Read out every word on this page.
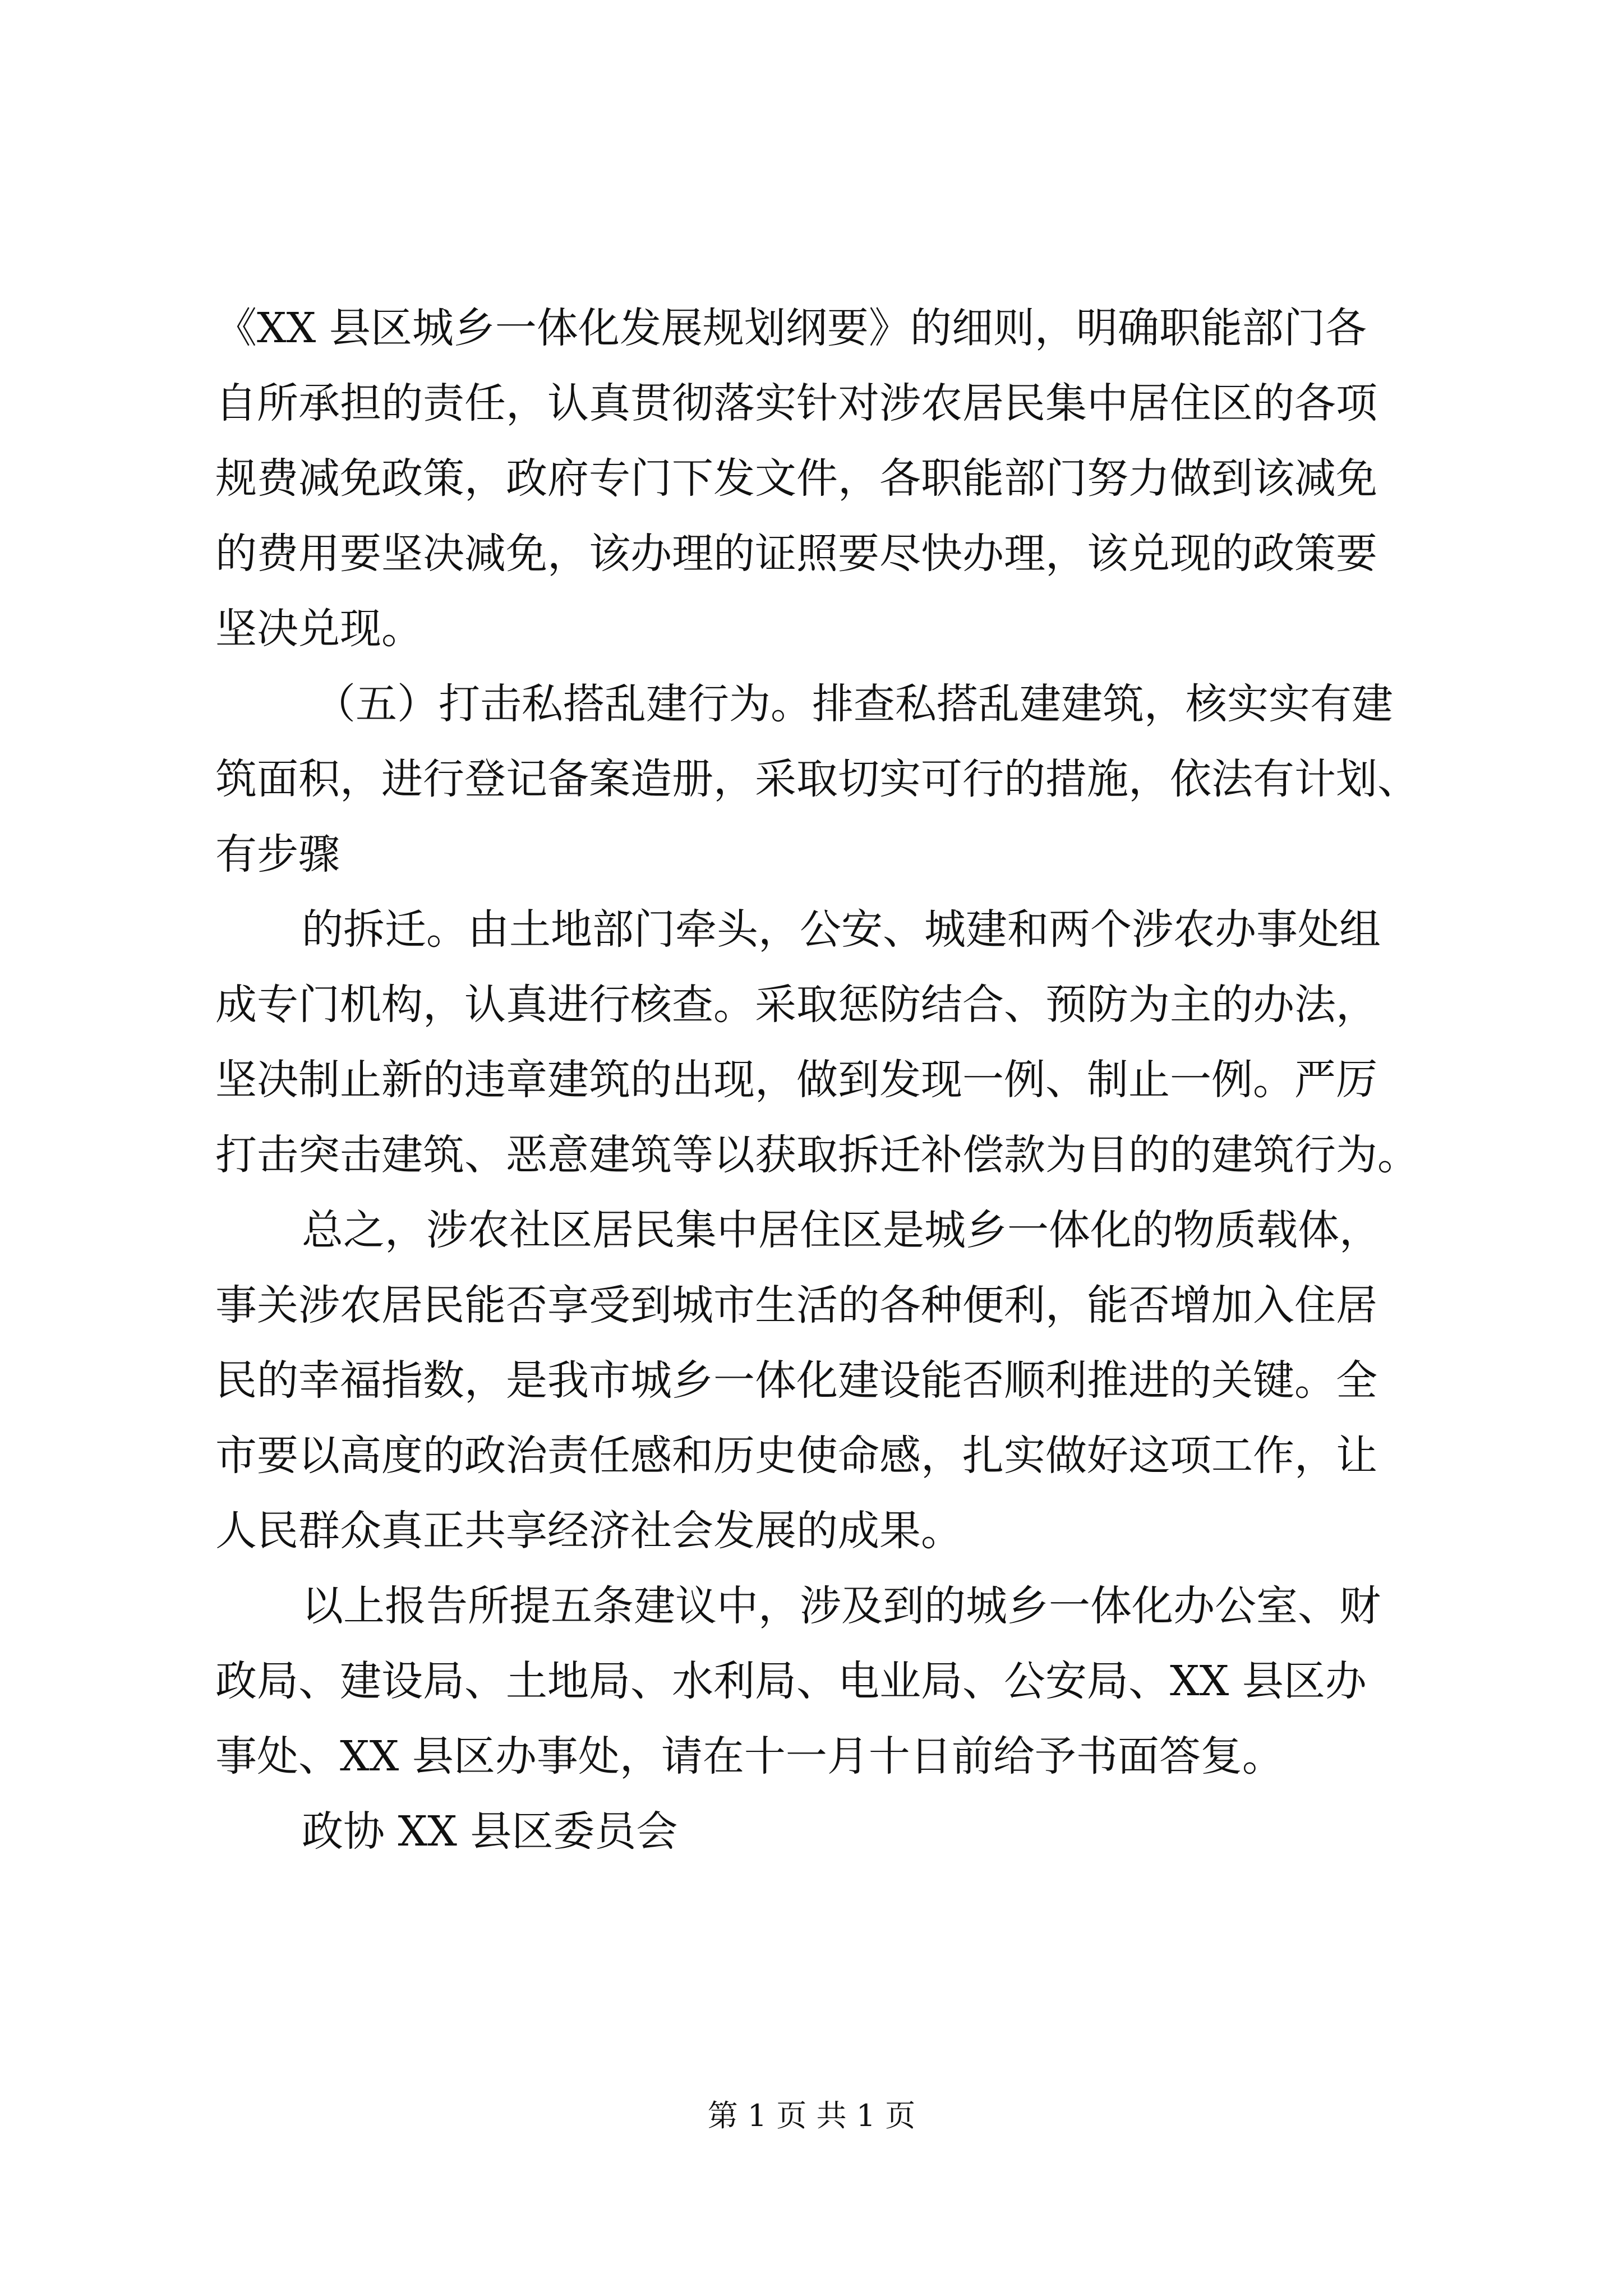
《XX 县区城乡一体化发展规划纲要》的细则，明确职能部门各
自所承担的责任，认真贯彻落实针对涉农居民集中居住区的各项
规费减免政策，政府专门下发文件，各职能部门努力做到该减免
的费用要坚决减免，该办理的证照要尽快办理，该兑现的政策要
坚决兑现。
（五）打击私搭乱建行为。排查私搭乱建建筑，核实实有建
筑面积，进行登记备案造册，采取切实可行的措施，依法有计划、
有步骤
的拆迁。由土地部门牵头，公安、城建和两个涉农办事处组
成专门机构，认真进行核查。采取惩防结合、预防为主的办法，
坚决制止新的违章建筑的出现，做到发现一例、制止一例。严厉
打击突击建筑、恶意建筑等以获取拆迁补偿款为目的的建筑行为。
总之，涉农社区居民集中居住区是城乡一体化的物质载体，
事关涉农居民能否享受到城市生活的各种便利，能否增加入住居
民的幸福指数，是我市城乡一体化建设能否顺利推进的关键。全
市要以高度的政治责任感和历史使命感，扎实做好这项工作，让
人民群众真正共享经济社会发展的成果。
以上报告所提五条建议中，涉及到的城乡一体化办公室、财
政局、建设局、土地局、水利局、电业局、公安局、XX 县区办
事处、XX 县区办事处，请在十一月十日前给予书面答复。
政协 XX 县区委员会
第 1 页 共 1 页
